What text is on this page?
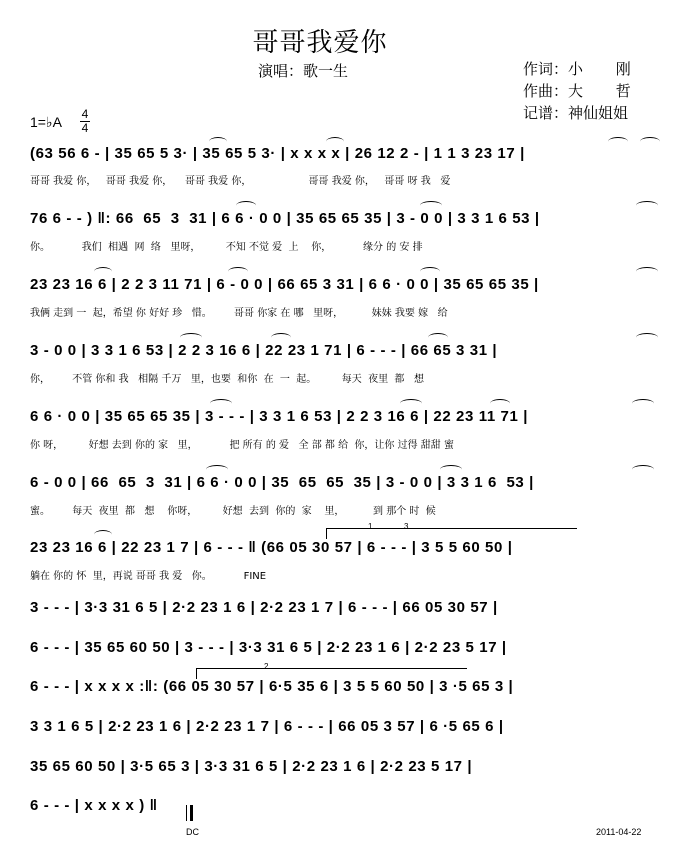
哥哥我爱你
演唱：歌一生	作词：小 刚
作曲：大 哲
记谱：神仙姐姐
1=♭A 4
4
(63 56 6 - | 35 65 5 3· | 35 65 5 3· | x x x x | 26 12 2 - | 1 1 3 23 17 |
哥哥 我爱 你，   哥哥 我爱 你，    哥哥 我爱 你，                  哥哥 我爱 你，   哥哥 呀 我   爱
76 6 - - ) ‖: 66  65  3  31 | 6 6 · 0 0 | 35 65 65 35 | 3 - 0 0 | 3 3 1 6 53 |
你。          我们  相遇  网  络   里呀，        不知 不觉 爱  上    你，          缘分 的 安 排
23 23 16 6 | 2 2 3 11 71 | 6 - 0 0 | 66 65 3 31 | 6 6 · 0 0 | 35 65 65 35 |
我俩 走到 一  起，希望 你 好好 珍   惜。       哥哥 你家 在 哪   里呀，         妹妹 我要 嫁   给
3 - 0 0 | 3 3 1 6 53 | 2 2 3 16 6 | 22 23 1 71 | 6 - - - | 66 65 3 31 |
你，       不管 你和 我   相隔 千万   里，也要  和你  在  一  起。        每天  夜里  都   想
6 6 · 0 0 | 35 65 65 35 | 3 - - - | 3 3 1 6 53 | 2 2 3 16 6 | 22 23 11 71 |
你 呀，        好想 去到 你的 家   里，          把 所有 的 爱   全 部 都 给  你，让你 过得 甜甜 蜜
6 - 0 0 | 66  65  3  31 | 6 6 · 0 0 | 35  65  65  35 | 3 - 0 0 | 3 3 1 6  53 |
蜜。       每天  夜里  都   想    你呀，        好想  去到  你的  家    里，         到 那个 时  候
23 23 16 6 | 22 23 1 7 | 6 - - - ‖ (66 05 30 57 | 6 - - - | 3 5 5 60 50 |
躺在 你的 怀  里，再说 哥哥 我 爱   你。          FINE
3 - - - | 3·3 31 6 5 | 2·2 23 1 6 | 2·2 23 1 7 | 6 - - - | 66 05 30 57 |
6 - - - | 35 65 60 50 | 3 - - - | 3·3 31 6 5 | 2·2 23 1 6 | 2·2 23 5 17 |
6 - - - | x x x x :‖: (66 05 30 57 | 6·5 35 6 | 3 5 5 60 50 | 3 ·5 65 3 |
3 3 1 6 5 | 2·2 23 1 6 | 2·2 23 1 7 | 6 - - - | 66 05 3 57 | 6 ·5 65 6 |
35 65 60 50 | 3·5 65 3 | 3·3 31 6 5 | 2·2 23 1 6 | 2·2 23 5 17 |
6 - - - | x x x x ) ‖
1	3
2
DC	2011-04-22
